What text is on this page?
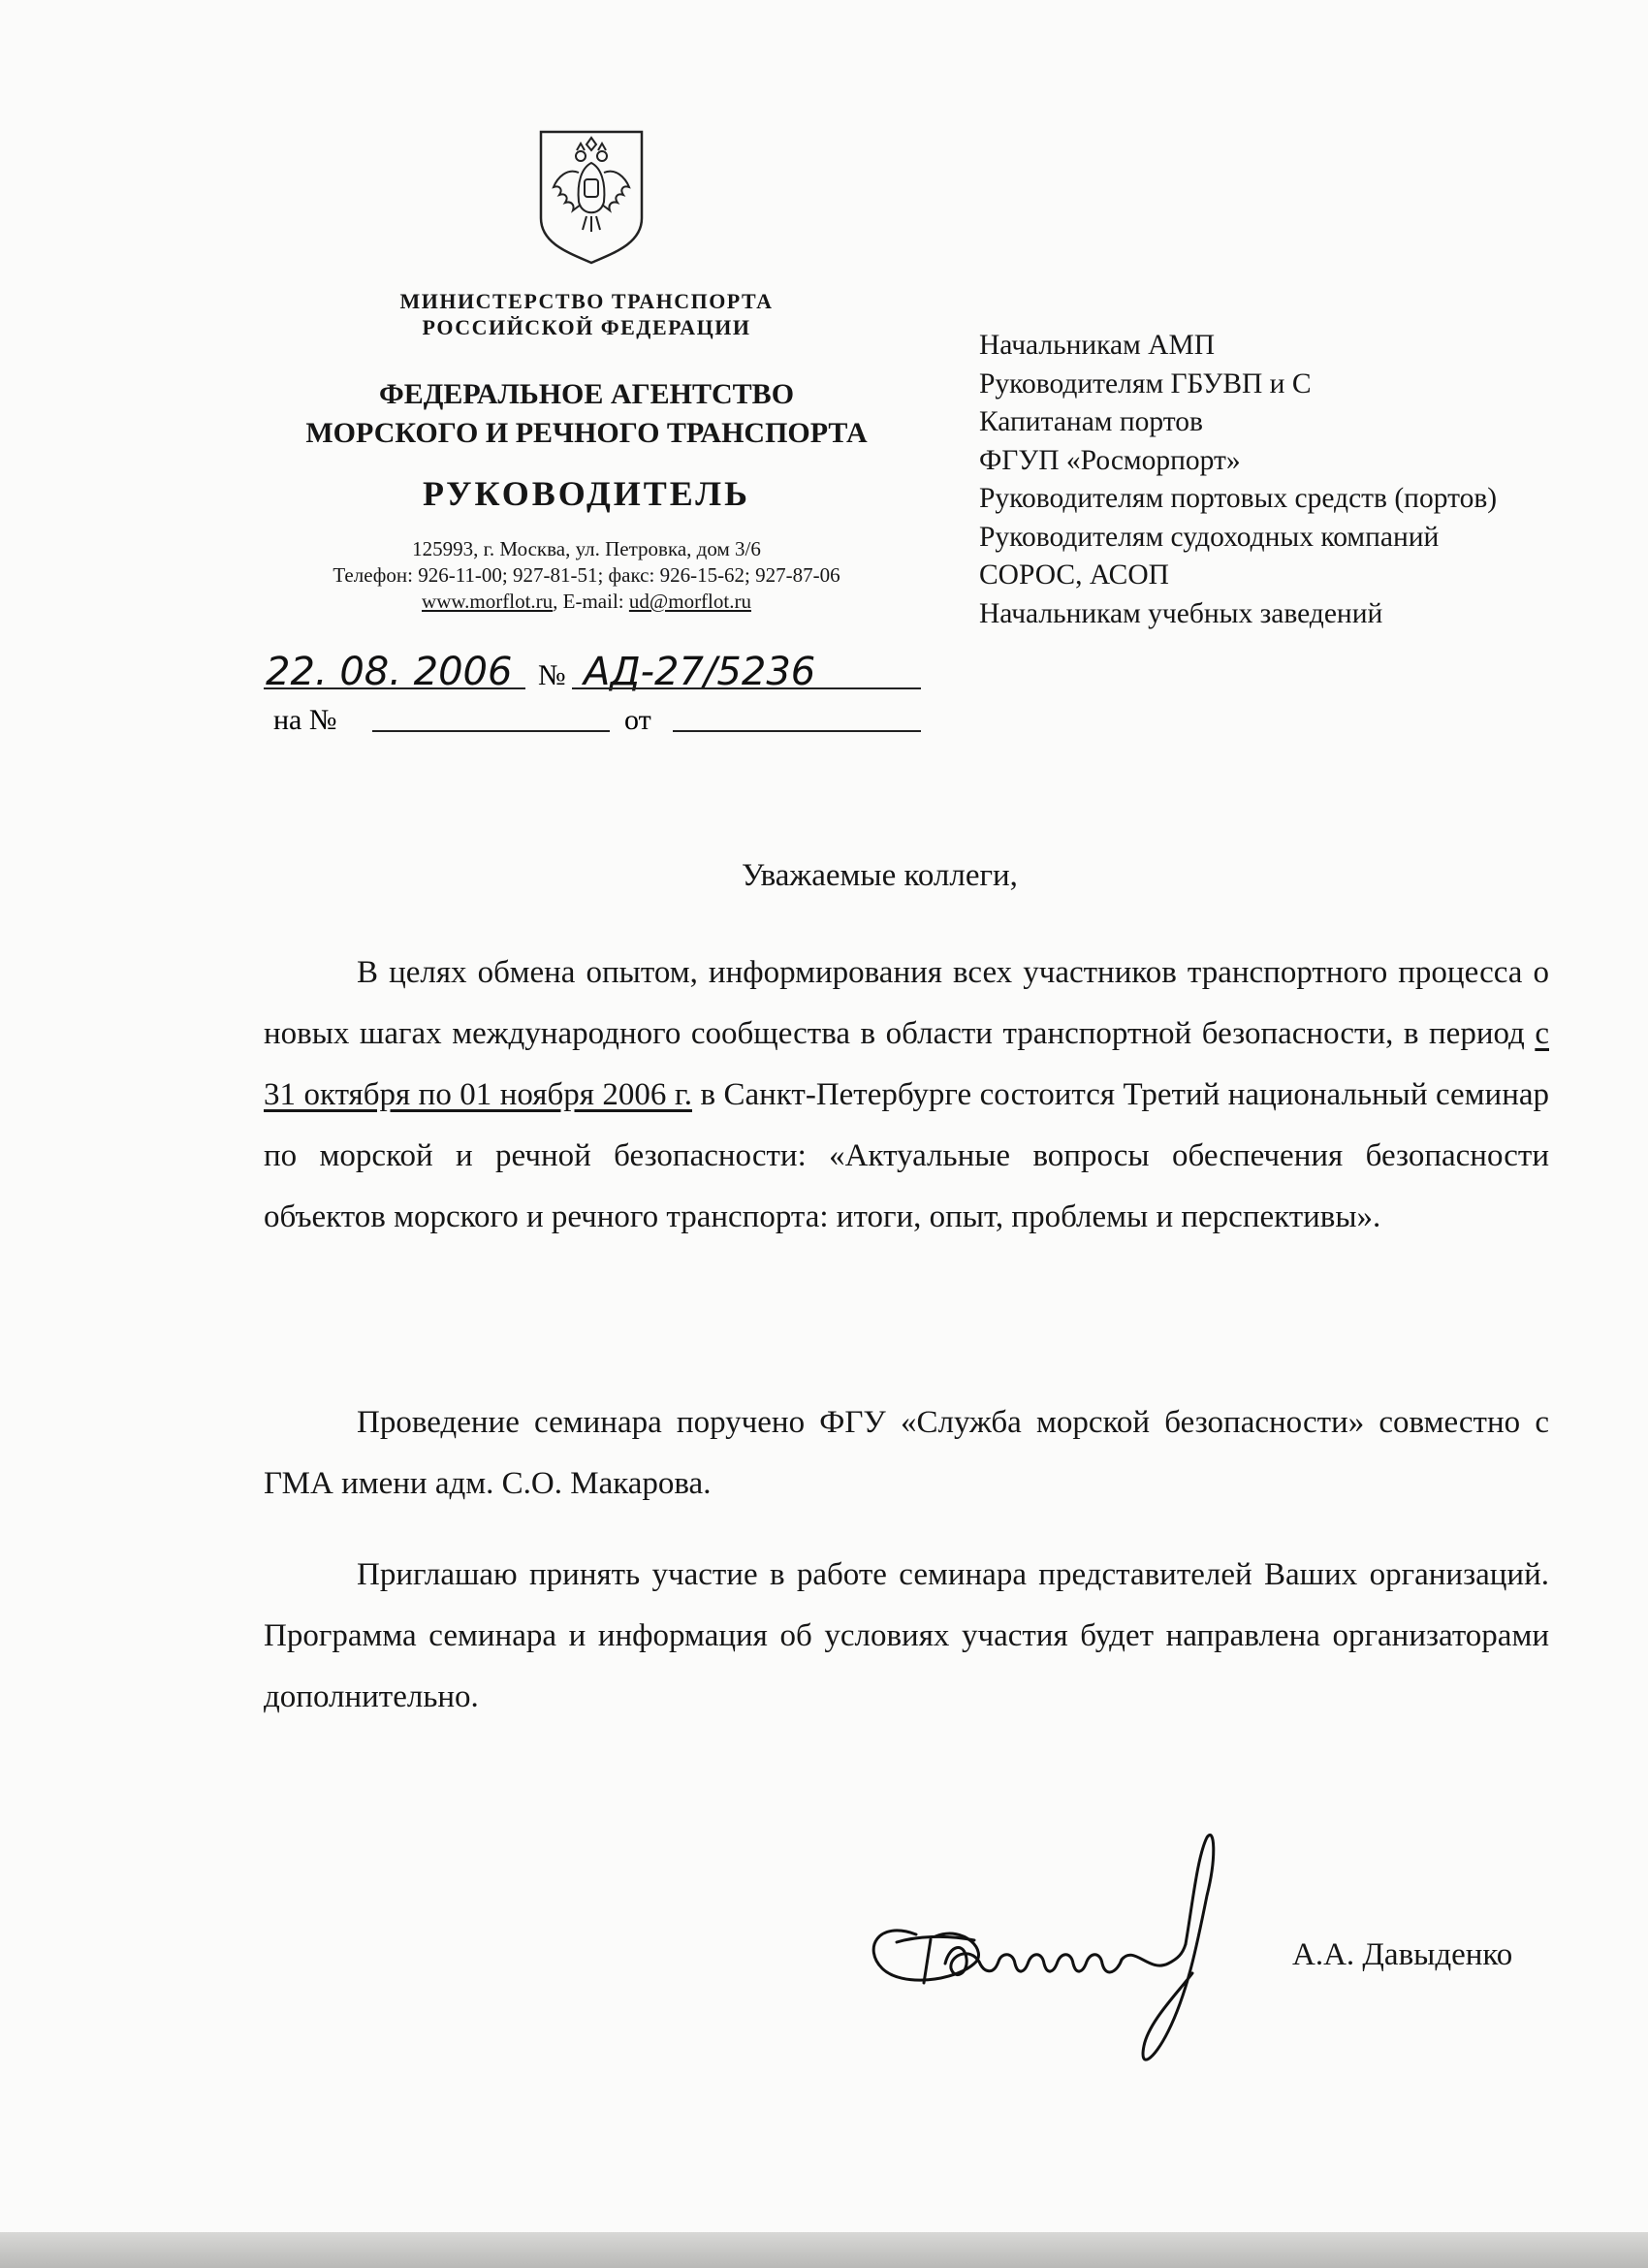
МИНИСТЕРСТВО ТРАНСПОРТА
РОССИЙСКОЙ ФЕДЕРАЦИИ
ФЕДЕРАЛЬНОЕ АГЕНТСТВО
МОРСКОГО И РЕЧНОГО ТРАНСПОРТА
РУКОВОДИТЕЛЬ
125993, г. Москва, ул. Петровка, дом 3/6
Телефон: 926-11-00; 927-81-51; факс: 926-15-62; 927-87-06
www.morflot.ru, E-mail: ud@morflot.ru
22. 08. 2006 № АД-27/5236
на №	от
Начальникам АМП
Руководителям ГБУВП и С
Капитанам портов
ФГУП «Росморпорт»
Руководителям портовых средств (портов)
Руководителям судоходных компаний
СОРОС, АСОП
Начальникам учебных заведений
Уважаемые коллеги,

В целях обмена опытом, информирования всех участников транспортного процесса о новых шагах международного сообщества в области транспортной безопасности, в период с 31 октября по 01 ноября 2006 г. в Санкт-Петербурге состоится Третий национальный семинар по морской и речной безопасности: «Актуальные вопросы обеспечения безопасности объектов морского и речного транспорта: итоги, опыт, проблемы и перспективы».

Проведение семинара поручено ФГУ «Служба морской безопасности» совместно с ГМА имени адм. С.О. Макарова.

Приглашаю принять участие в работе семинара представителей Ваших организаций. Программа семинара и информация об условиях участия будет направлена организаторами дополнительно.

А.А. Давыденко
